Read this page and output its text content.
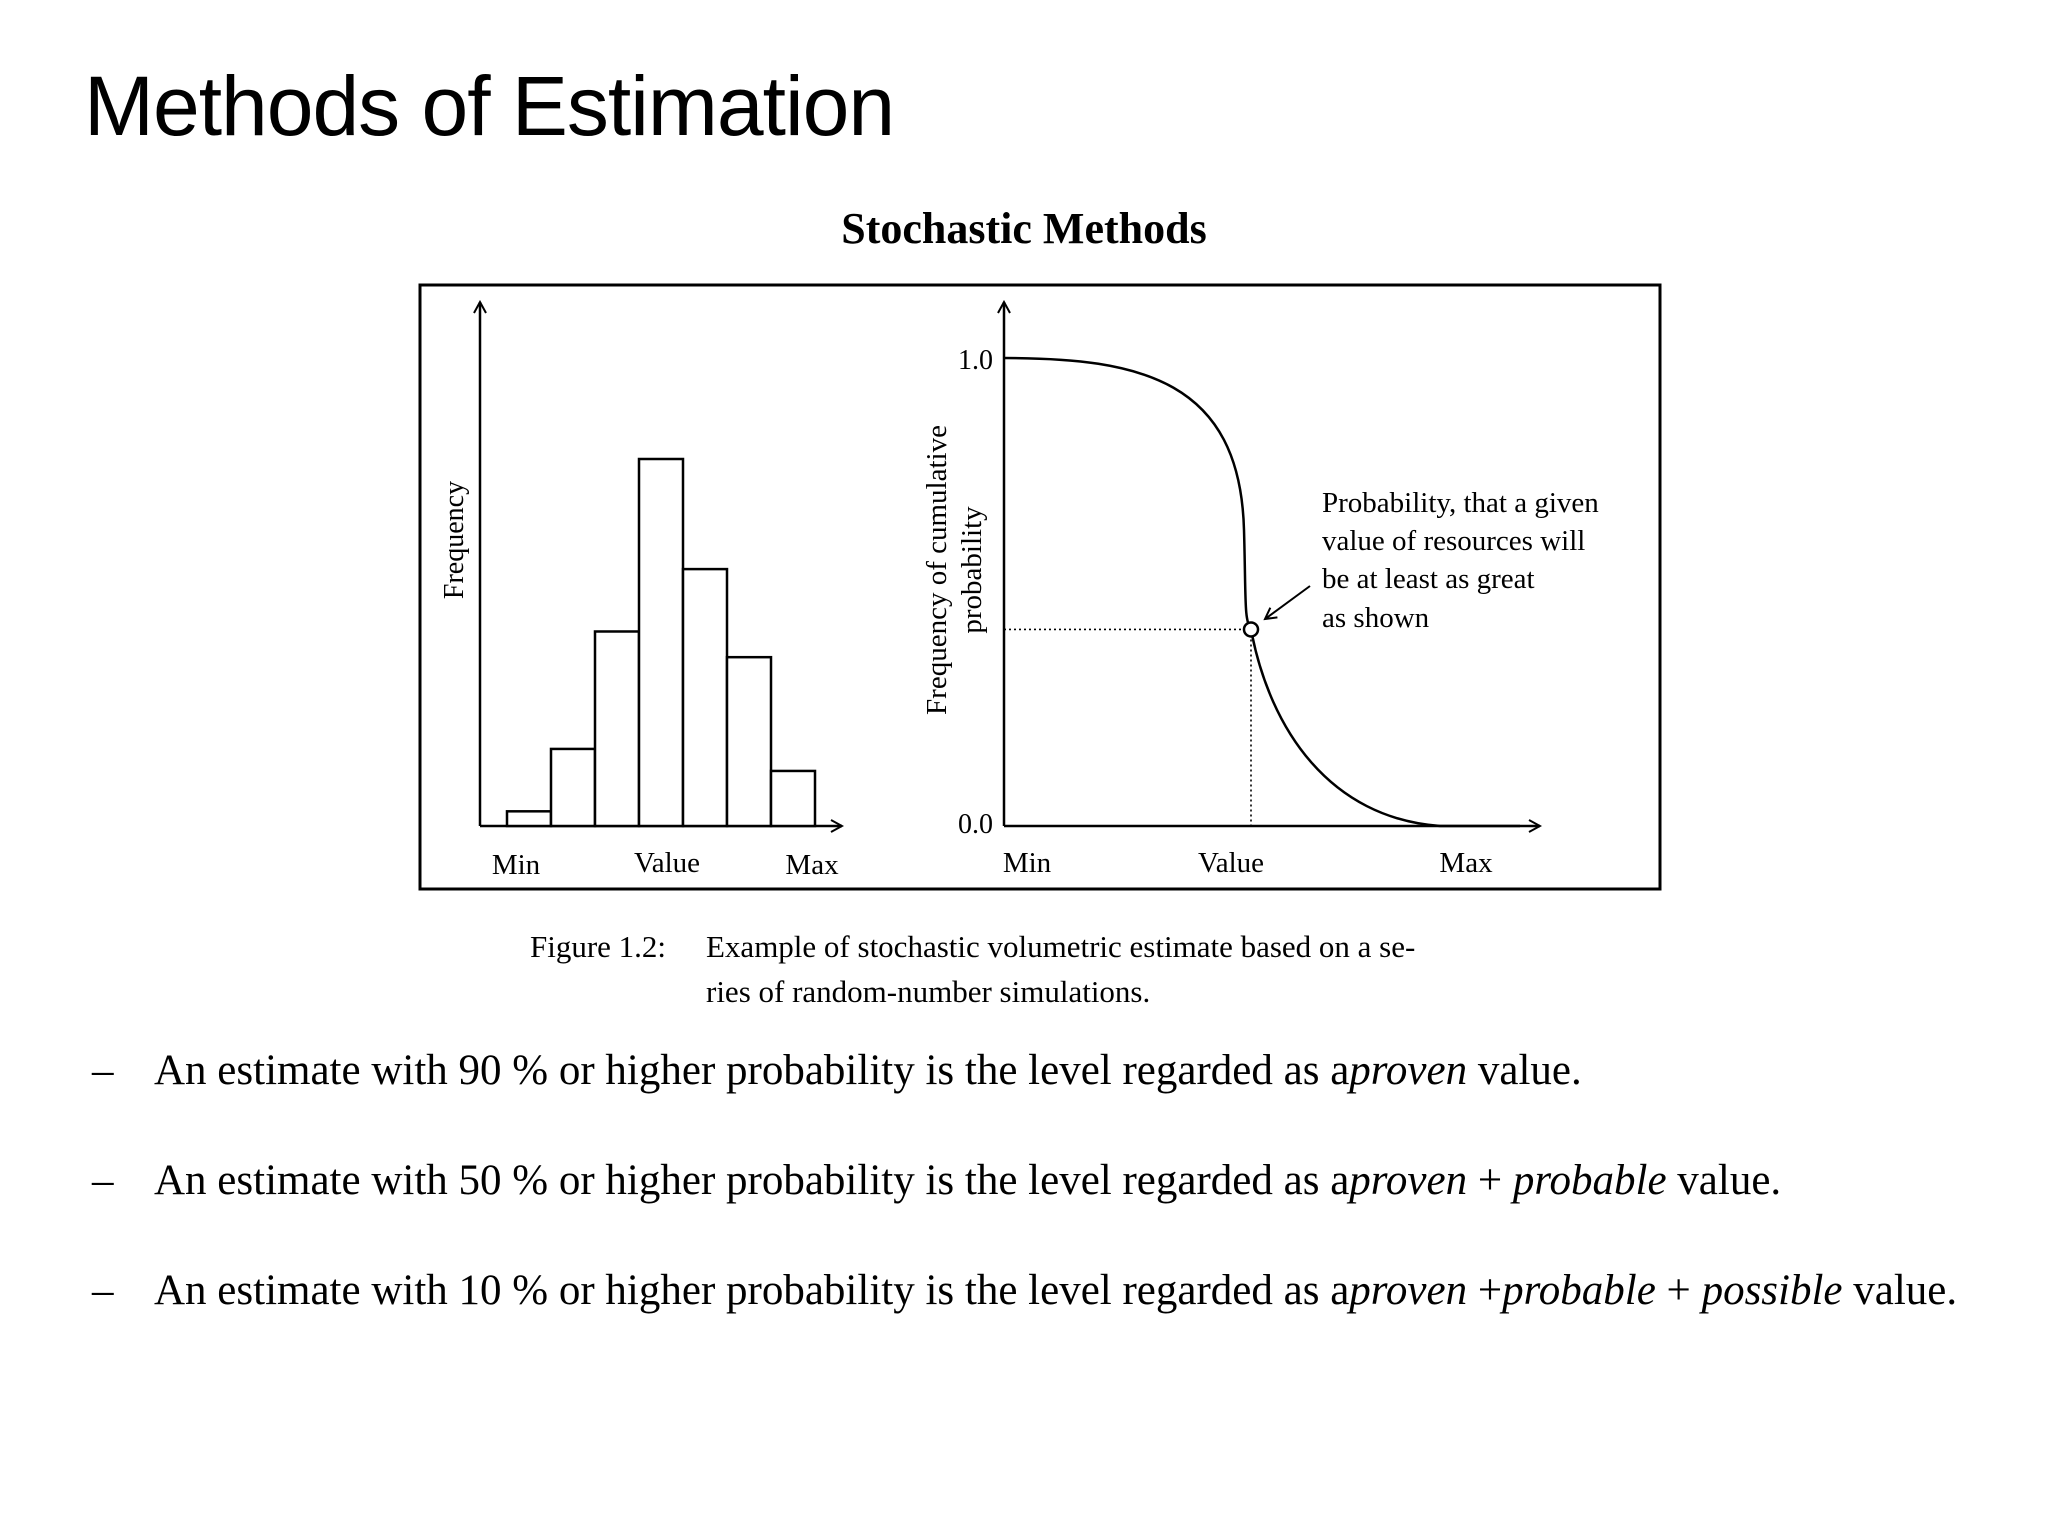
Methods of Estimation
Stochastic Methods
Frequency
Min	Value	Max
Probability, that a given
value of resources will
be at least as great
as shown
Frequency of cumulative probability
1.0
0.0
Min	Value	Max
Figure 1.2: Example of stochastic volumetric estimate based on a se-
ries of random-number simulations.
– An estimate with 90 % or higher probability is the level regarded as aproven value.
– An estimate with 50 % or higher probability is the level regarded as aproven + probable value.
– An estimate with 10 % or higher probability is the level regarded as aproven +probable + possible value.
